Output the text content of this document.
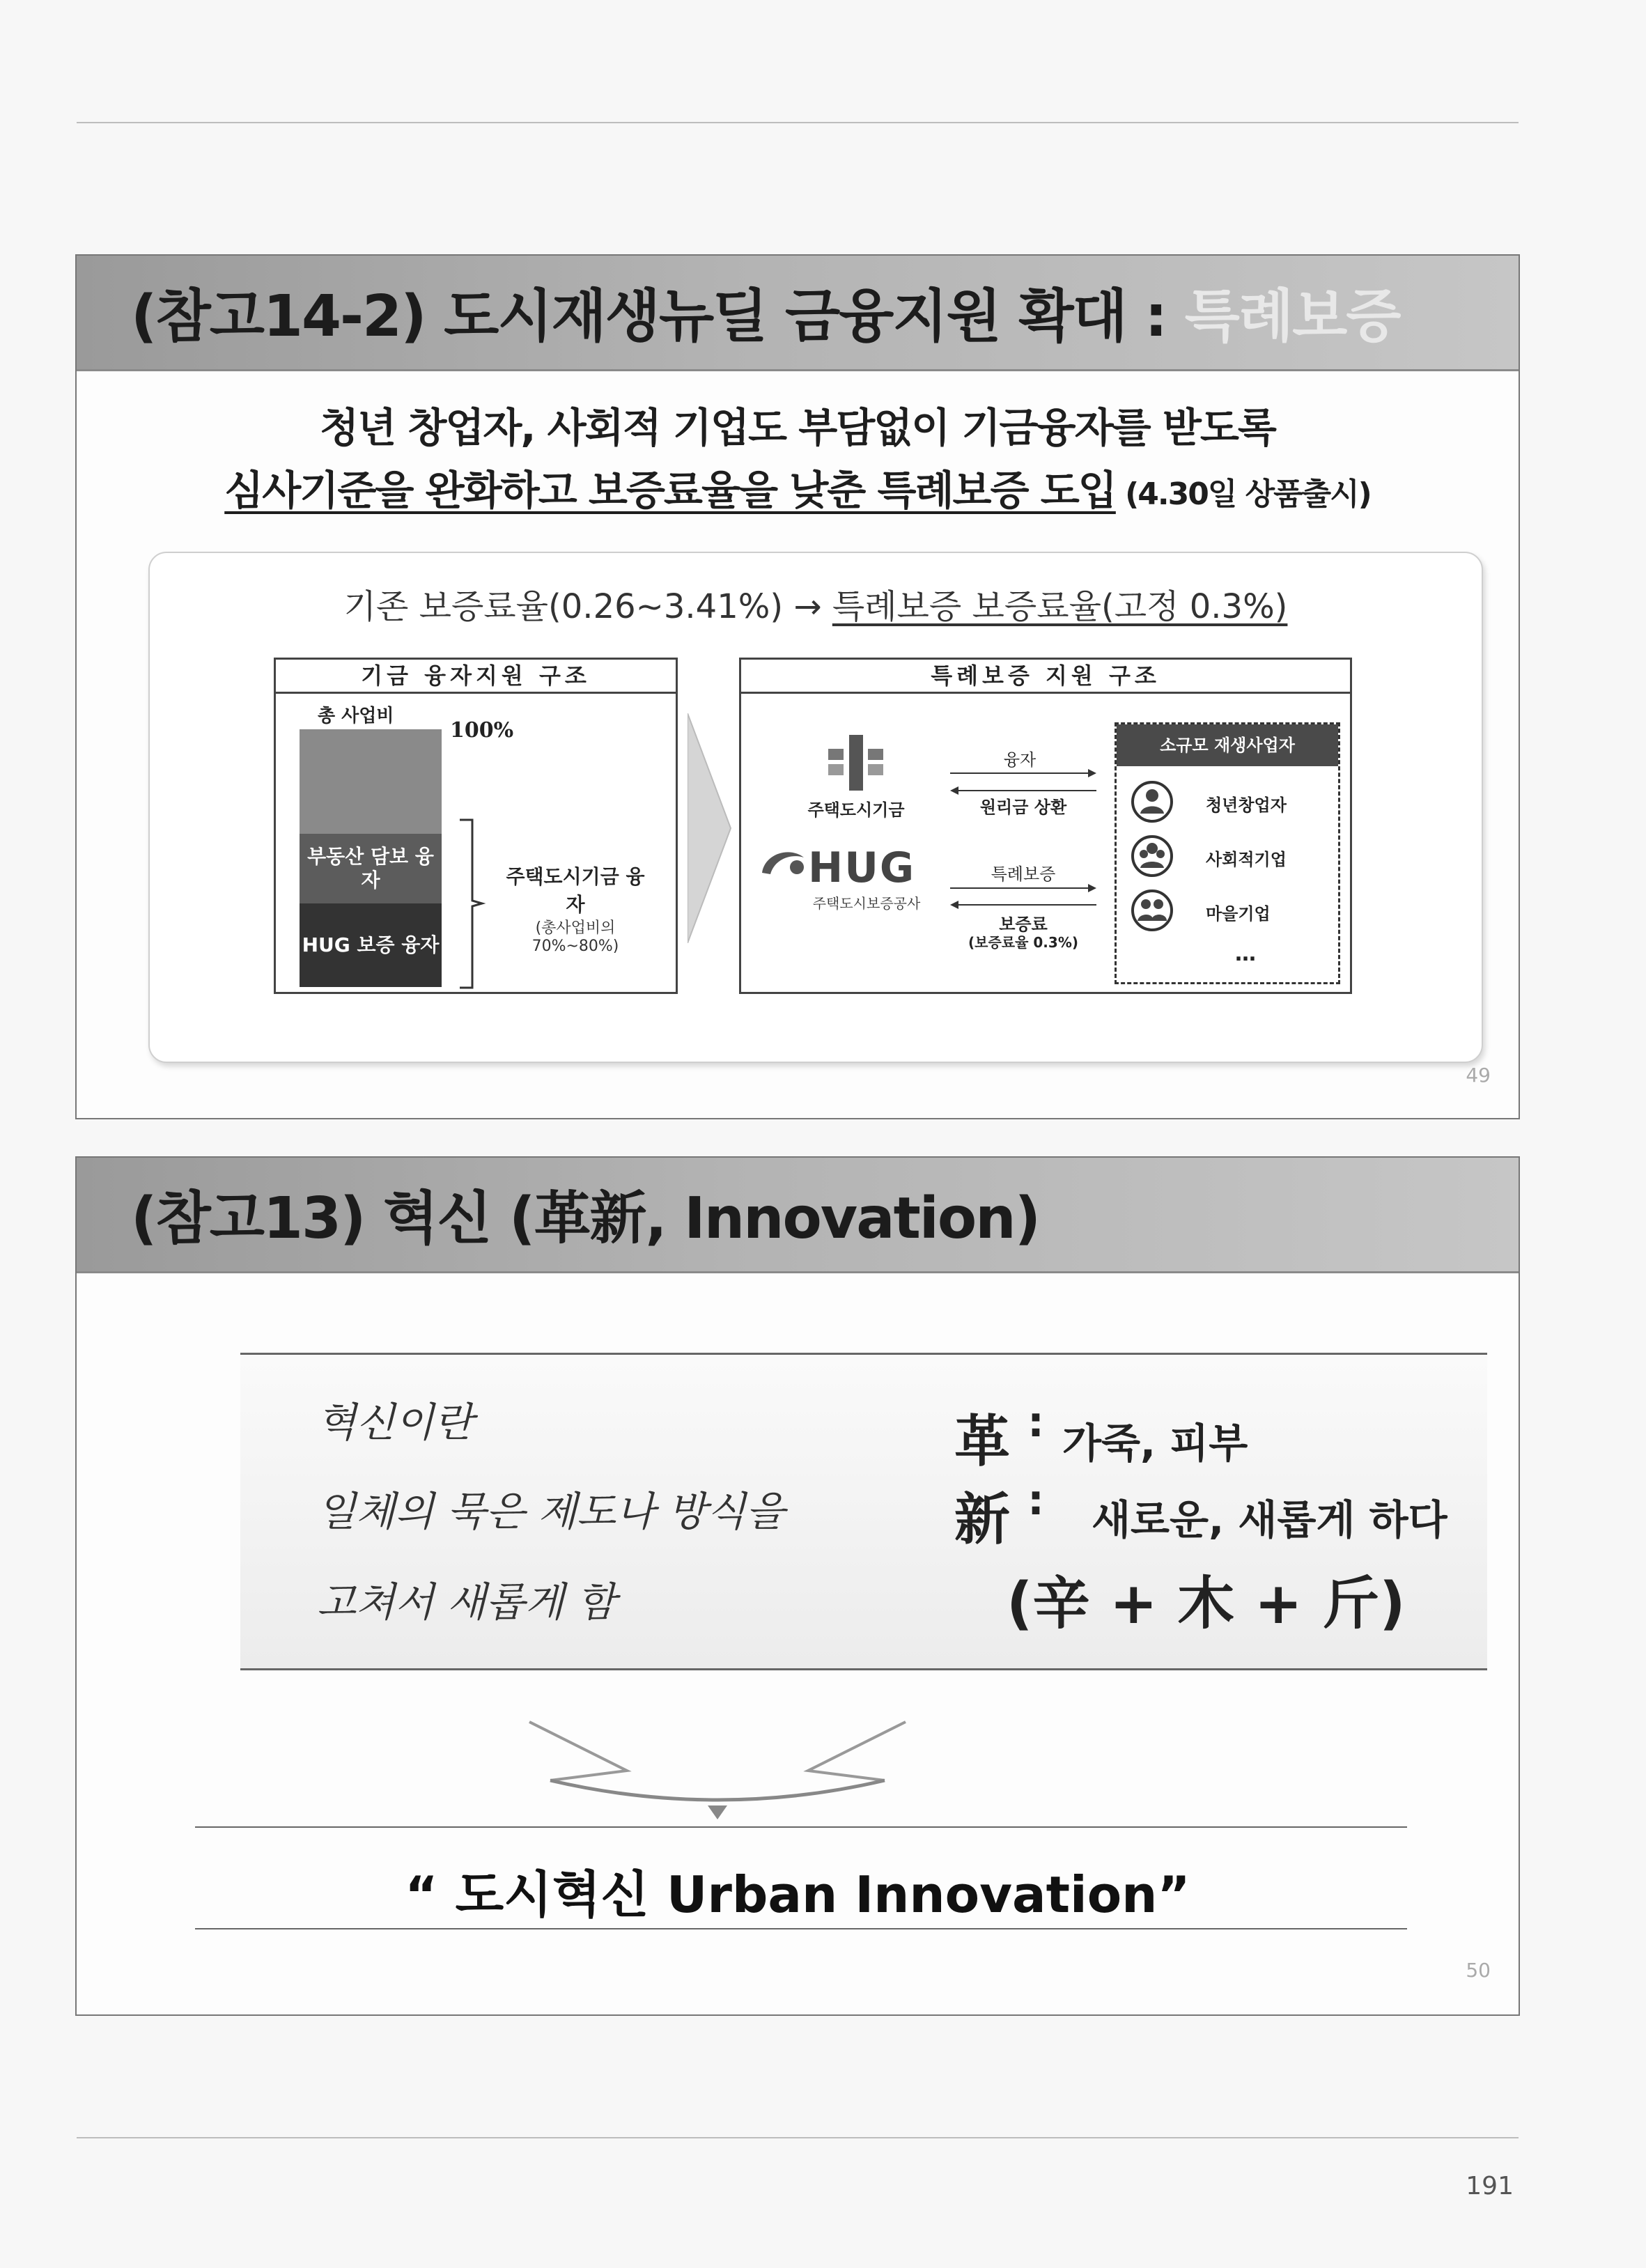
(참고14-2) 도시재생뉴딜 금융지원 확대 : 특례보증
청년 창업자, 사회적 기업도 부담없이 기금융자를 받도록
심사기준을 완화하고 보증료율을 낮춘 특례보증 도입 (4.30일 상품출시)
기존 보증료율(0.26~3.41%) → 특례보증 보증료율(고정 0.3%)
기금 융자지원 구조
총 사업비
100%
부동산 담보 융자
HUG 보증 융자
주택도시기금 융자
(총사업비의 70%~80%)
특례보증 지원 구조
주택도시기금
HUG
주택도시보증공사
융자
원리금 상환
특례보증
보증료
(보증료율 0.3%)
소규모 재생사업자
청년창업자
사회적기업
마을기업
…
49
(참고13) 혁신 (革新, Innovation)
혁신이란
일체의 묵은 제도나 방식을
고쳐서 새롭게 함
革 : 가죽, 피부
新 : 새로운, 새롭게 하다
(辛 + 木 + 斤)
“ 도시혁신 Urban Innovation”
50
191
